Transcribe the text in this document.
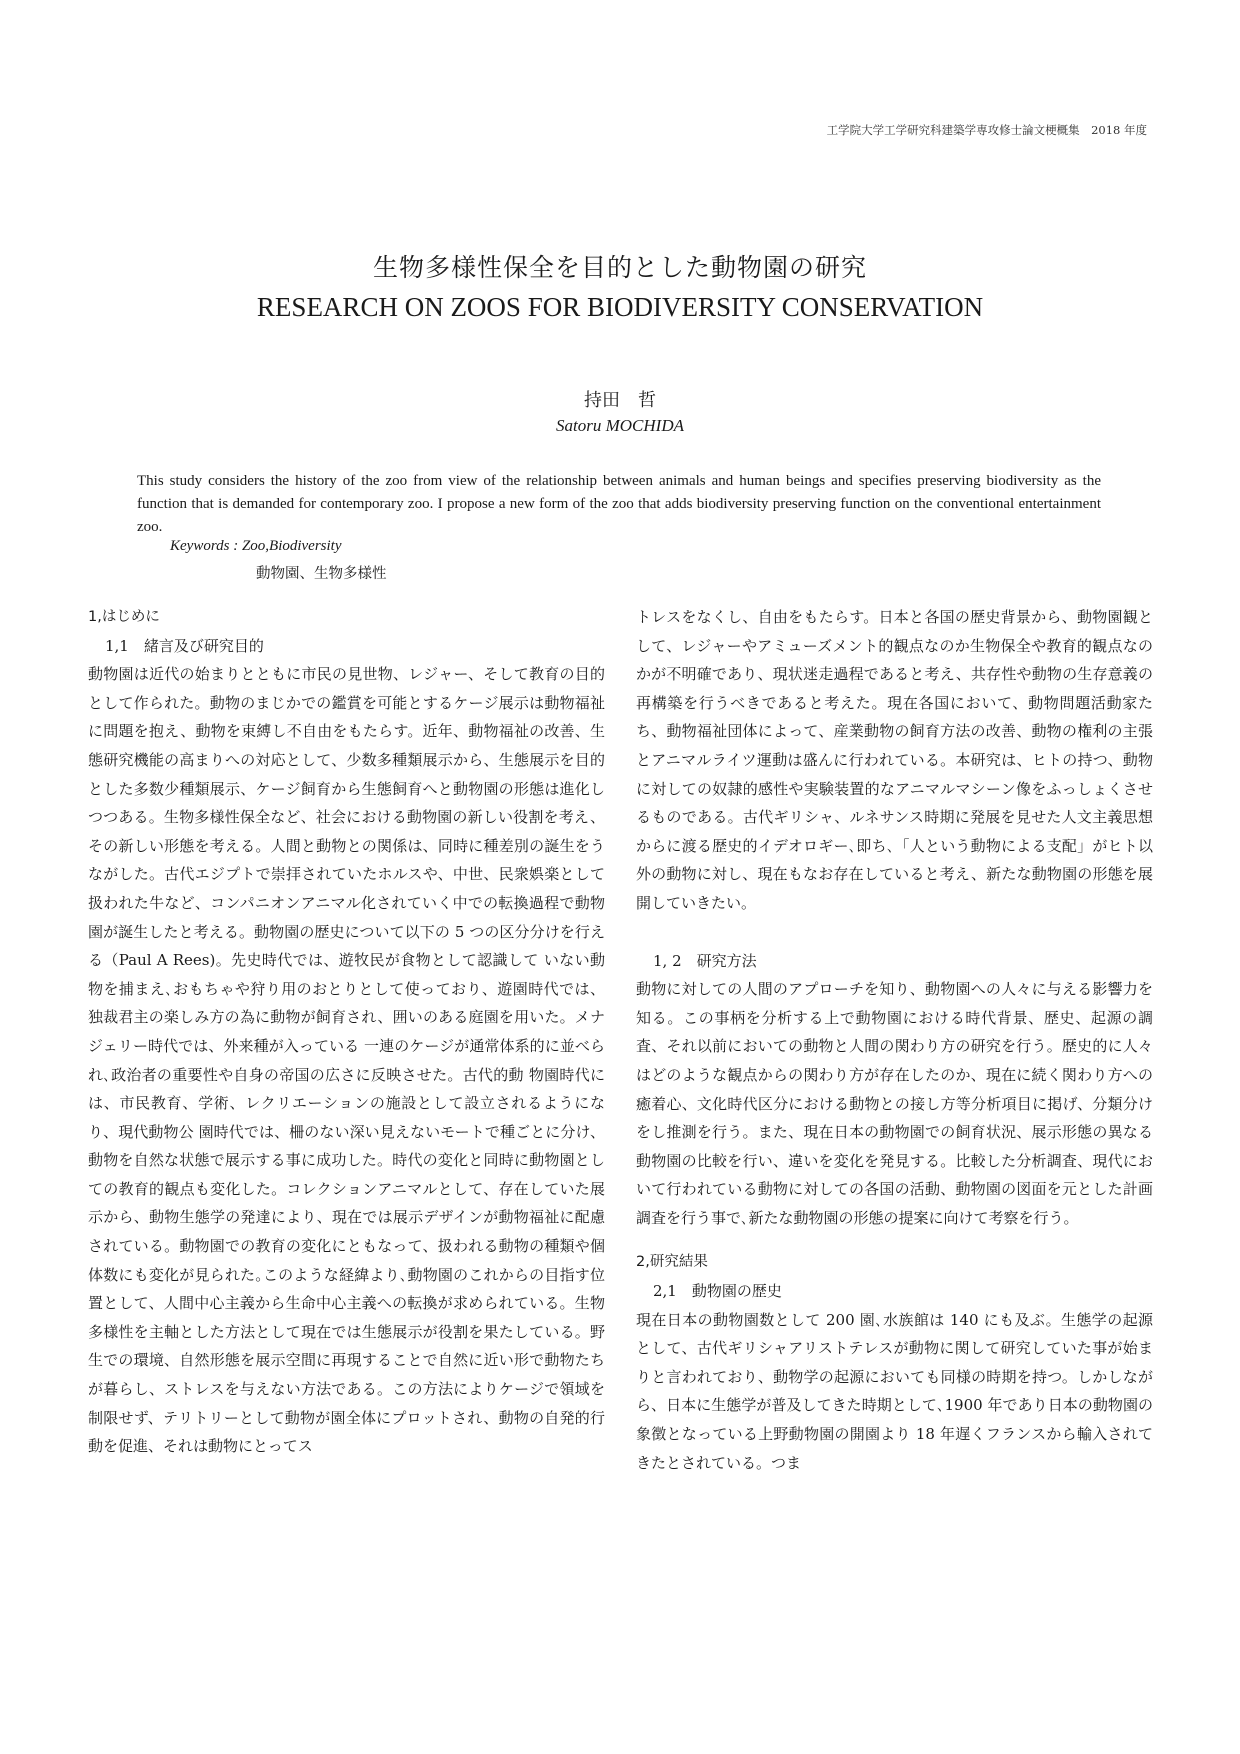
工学院大学工学研究科建築学専攻修士論文梗概集　2018 年度
生物多様性保全を目的とした動物園の研究
RESEARCH ON ZOOS FOR BIODIVERSITY CONSERVATION
持田　哲
Satoru MOCHIDA
This study considers the history of the zoo from view of the relationship between animals and human beings and specifies preserving biodiversity as the function that is demanded for contemporary zoo. I propose a new form of the zoo that adds biodiversity preserving function on the conventional entertainment zoo.
Keywords : Zoo,Biodiversity
動物園、生物多様性
1,はじめに
1,1　緒言及び研究目的

動物園は近代の始まりとともに市民の見世物、レジャー、そして教育の目的として作られた。動物のまじかでの鑑賞を可能とするケージ展示は動物福祉に問題を抱え、動物を束縛し不自由をもたらす。近年、動物福祉の改善、生態研究機能の高まりへの対応として、少数多種類展示から、生態展示を目的とした多数少種類展示、ケージ飼育から生態飼育へと動物園の形態は進化しつつある。生物多様性保全など、社会における動物園の新しい役割を考え、その新しい形態を考える。人間と動物との関係は、同時に種差別の誕生をうながした。古代エジプトで崇拝されていたホルスや、中世、民衆娯楽として扱われた牛など、コンパニオンアニマル化されていく中での転換過程で動物園が誕生したと考える。動物園の歴史について以下の 5 つの区分分けを行える（Paul A Rees)。先史時代では、遊牧民が食物として認識して いない動物を捕まえ､おもちゃや狩り用のおとりとして使っており、遊園時代では、独裁君主の楽しみ方の為に動物が飼育され、囲いのある庭園を用いた。メナジェリー時代では、外来種が入っている 一連のケージが通常体系的に並べられ､政治者の重要性や自身の帝国の広さに反映させた。古代的動 物園時代には、市民教育、学術、レクリエーションの施設として設立されるようになり、現代動物公 園時代では、柵のない深い見えないモートで種ごとに分け、動物を自然な状態で展示する事に成功した。時代の変化と同時に動物園としての教育的観点も変化した。コレクションアニマルとして、存在していた展示から、動物生態学の発達により、現在では展示デザインが動物福祉に配慮されている。動物園での教育の変化にともなって、扱われる動物の種類や個体数にも変化が見られた｡このような経緯より､動物園のこれからの目指す位置として、人間中心主義から生命中心主義への転換が求められている。生物多様性を主軸とした方法として現在では生態展示が役割を果たしている。野生での環境、自然形態を展示空間に再現することで自然に近い形で動物たちが暮らし、ストレスを与えない方法である。この方法によりケージで領域を制限せず、テリトリーとして動物が園全体にプロットされ、動物の自発的行動を促進、それは動物にとってス

トレスをなくし、自由をもたらす。日本と各国の歴史背景から、動物園観として、レジャーやアミューズメント的観点なのか生物保全や教育的観点なのかが不明確であり、現状迷走過程であると考え、共存性や動物の生存意義の再構築を行うべきであると考えた。現在各国において、動物問題活動家たち、動物福祉団体によって、産業動物の飼育方法の改善、動物の権利の主張とアニマルライツ運動は盛んに行われている。本研究は、ヒトの持つ、動物に対しての奴隷的感性や実験装置的なアニマルマシーン像をふっしょくさせるものである。古代ギリシャ、ルネサンス時期に発展を見せた人文主義思想からに渡る歴史的イデオロギー､即ち､「人という動物による支配」がヒト以外の動物に対し、現在もなお存在していると考え、新たな動物園の形態を展開していきたい。

1, 2　研究方法

動物に対しての人間のアプローチを知り、動物園への人々に与える影響力を知る。この事柄を分析する上で動物園における時代背景、歴史、起源の調査、それ以前においての動物と人間の関わり方の研究を行う。歴史的に人々はどのような観点からの関わり方が存在したのか、現在に続く関わり方への癒着心、文化時代区分における動物との接し方等分析項目に掲げ、分類分けをし推測を行う。また、現在日本の動物園での飼育状況、展示形態の異なる動物園の比較を行い、違いを変化を発見する。比較した分析調査、現代において行われている動物に対しての各国の活動、動物園の図面を元とした計画調査を行う事で､新たな動物園の形態の提案に向けて考察を行う。

2,研究結果
2,1　動物園の歴史

現在日本の動物園数として 200 園､水族館は 140 にも及ぶ。生態学の起源として、古代ギリシャアリストテレスが動物に関して研究していた事が始まりと言われており、動物学の起源においても同様の時期を持つ。しかしながら、日本に生態学が普及してきた時期として､1900 年であり日本の動物園の象徴となっている上野動物園の開園より 18 年遅くフランスから輸入されてきたとされている。つま
